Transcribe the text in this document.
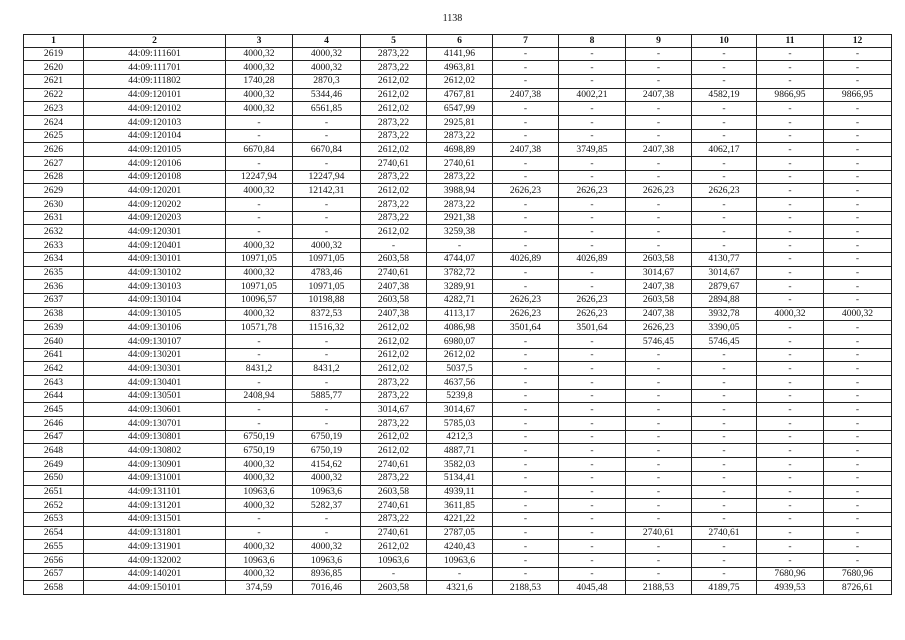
1138
1	2	3	4	5	6	7	8	9	10	11	12
2619	44:09:111601	4000,32	4000,32	2873,22	4141,96	-	-	-	-	-	-
2620	44:09:111701	4000,32	4000,32	2873,22	4963,81	-	-	-	-	-	-
2621	44:09:111802	1740,28	2870,3	2612,02	2612,02	-	-	-	-	-	-
2622	44:09:120101	4000,32	5344,46	2612,02	4767,81	2407,38	4002,21	2407,38	4582,19	9866,95	9866,95
2623	44:09:120102	4000,32	6561,85	2612,02	6547,99	-	-	-	-	-	-
2624	44:09:120103	-	-	2873,22	2925,81	-	-	-	-	-	-
2625	44:09:120104	-	-	2873,22	2873,22	-	-	-	-	-	-
2626	44:09:120105	6670,84	6670,84	2612,02	4698,89	2407,38	3749,85	2407,38	4062,17	-	-
2627	44:09:120106	-	-	2740,61	2740,61	-	-	-	-	-	-
2628	44:09:120108	12247,94	12247,94	2873,22	2873,22	-	-	-	-	-	-
2629	44:09:120201	4000,32	12142,31	2612,02	3988,94	2626,23	2626,23	2626,23	2626,23	-	-
2630	44:09:120202	-	-	2873,22	2873,22	-	-	-	-	-	-
2631	44:09:120203	-	-	2873,22	2921,38	-	-	-	-	-	-
2632	44:09:120301	-	-	2612,02	3259,38	-	-	-	-	-	-
2633	44:09:120401	4000,32	4000,32	-	-	-	-	-	-	-	-
2634	44:09:130101	10971,05	10971,05	2603,58	4744,07	4026,89	4026,89	2603,58	4130,77	-	-
2635	44:09:130102	4000,32	4783,46	2740,61	3782,72	-	-	3014,67	3014,67	-	-
2636	44:09:130103	10971,05	10971,05	2407,38	3289,91	-	-	2407,38	2879,67	-	-
2637	44:09:130104	10096,57	10198,88	2603,58	4282,71	2626,23	2626,23	2603,58	2894,88	-	-
2638	44:09:130105	4000,32	8372,53	2407,38	4113,17	2626,23	2626,23	2407,38	3932,78	4000,32	4000,32
2639	44:09:130106	10571,78	11516,32	2612,02	4086,98	3501,64	3501,64	2626,23	3390,05	-	-
2640	44:09:130107	-	-	2612,02	6980,07	-	-	5746,45	5746,45	-	-
2641	44:09:130201	-	-	2612,02	2612,02	-	-	-	-	-	-
2642	44:09:130301	8431,2	8431,2	2612,02	5037,5	-	-	-	-	-	-
2643	44:09:130401	-	-	2873,22	4637,56	-	-	-	-	-	-
2644	44:09:130501	2408,94	5885,77	2873,22	5239,8	-	-	-	-	-	-
2645	44:09:130601	-	-	3014,67	3014,67	-	-	-	-	-	-
2646	44:09:130701	-	-	2873,22	5785,03	-	-	-	-	-	-
2647	44:09:130801	6750,19	6750,19	2612,02	4212,3	-	-	-	-	-	-
2648	44:09:130802	6750,19	6750,19	2612,02	4887,71	-	-	-	-	-	-
2649	44:09:130901	4000,32	4154,62	2740,61	3582,03	-	-	-	-	-	-
2650	44:09:131001	4000,32	4000,32	2873,22	5134,41	-	-	-	-	-	-
2651	44:09:131101	10963,6	10963,6	2603,58	4939,11	-	-	-	-	-	-
2652	44:09:131201	4000,32	5282,37	2740,61	3611,85	-	-	-	-	-	-
2653	44:09:131501	-	-	2873,22	4221,22	-	-	-	-	-	-
2654	44:09:131801	-	-	2740,61	2787,05	-	-	2740,61	2740,61	-	-
2655	44:09:131901	4000,32	4000,32	2612,02	4240,43	-	-	-	-	-	-
2656	44:09:132002	10963,6	10963,6	10963,6	10963,6	-	-	-	-	-	-
2657	44:09:140201	4000,32	8936,85	-	-	-	-	-	-	7680,96	7680,96
2658	44:09:150101	374,59	7016,46	2603,58	4321,6	2188,53	4045,48	2188,53	4189,75	4939,53	8726,61
